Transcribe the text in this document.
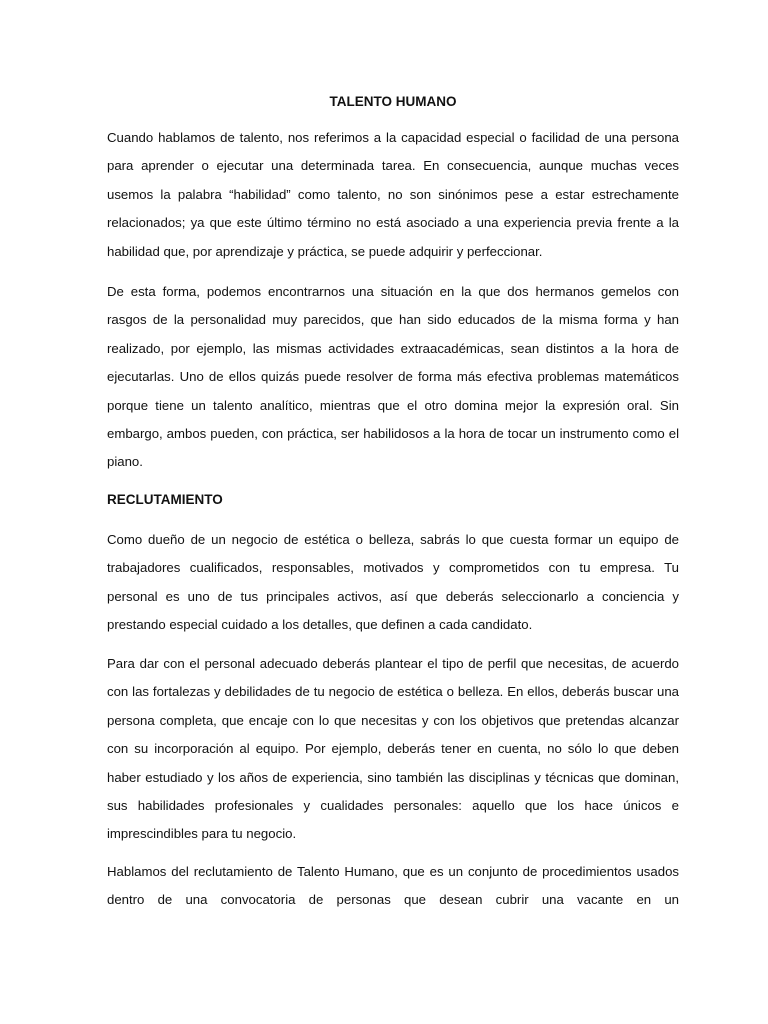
TALENTO HUMANO

Cuando hablamos de talento, nos referimos a la capacidad especial o facilidad de una persona para aprender o ejecutar una determinada tarea. En consecuencia, aunque muchas veces usemos la palabra “habilidad” como talento, no son sinónimos pese a estar estrechamente relacionados; ya que este último término no está asociado a una experiencia previa frente a la habilidad que, por aprendizaje y práctica, se puede adquirir y perfeccionar.

De esta forma, podemos encontrarnos una situación en la que dos hermanos gemelos con rasgos de la personalidad muy parecidos, que han sido educados de la misma forma y han realizado, por ejemplo, las mismas actividades extraacadémicas, sean distintos a la hora de ejecutarlas. Uno de ellos quizás puede resolver de forma más efectiva problemas matemáticos porque tiene un talento analítico, mientras que el otro domina mejor la expresión oral. Sin embargo, ambos pueden, con práctica, ser habilidosos a la hora de tocar un instrumento como el piano.

RECLUTAMIENTO

Como dueño de un negocio de estética o belleza, sabrás lo que cuesta formar un equipo de trabajadores cualificados, responsables, motivados y comprometidos con tu empresa. Tu personal es uno de tus principales activos, así que deberás seleccionarlo a conciencia y prestando especial cuidado a los detalles, que definen a cada candidato.

Para dar con el personal adecuado deberás plantear el tipo de perfil que necesitas, de acuerdo con las fortalezas y debilidades de tu negocio de estética o belleza. En ellos, deberás buscar una persona completa, que encaje con lo que necesitas y con los objetivos que pretendas alcanzar con su incorporación al equipo. Por ejemplo, deberás tener en cuenta, no sólo lo que deben haber estudiado y los años de experiencia, sino también las disciplinas y técnicas que dominan, sus habilidades profesionales y cualidades personales: aquello que los hace únicos e imprescindibles para tu negocio.

Hablamos del reclutamiento de Talento Humano, que es un conjunto de procedimientos usados dentro de una convocatoria de personas que desean cubrir una vacante en un
